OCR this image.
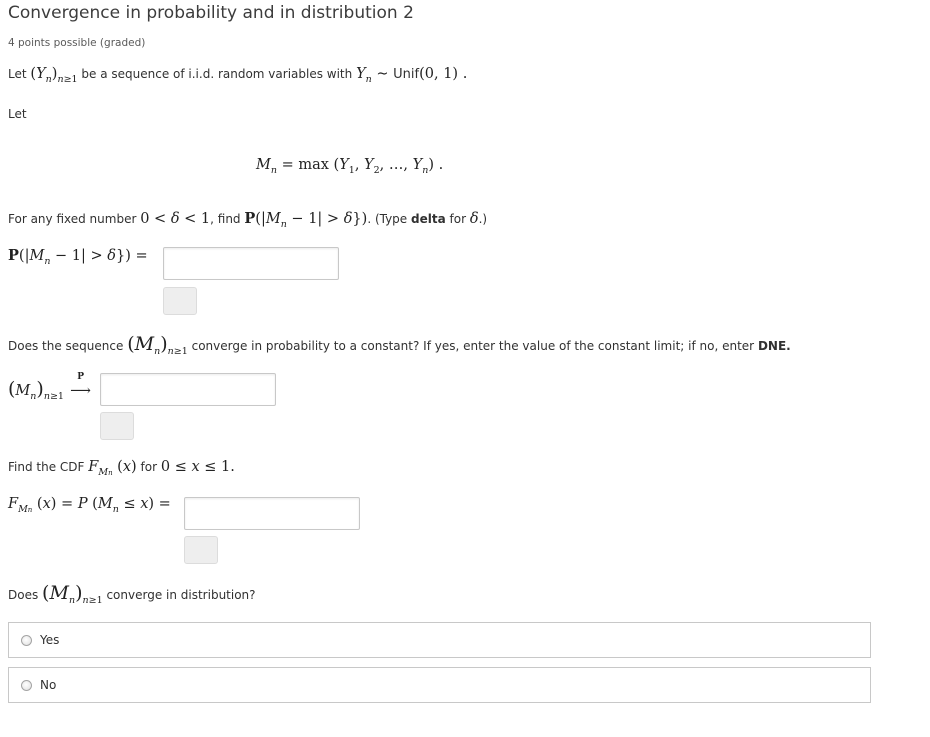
Convergence in probability and in distribution 2
4 points possible (graded)
Let $(Y_n)_{n\ge 1}$ be a sequence of i.i.d. random variables with $Y_n$ ∼ Unif(0, 1) .
Let
$M_n = \max (Y_1$, $Y_2$, …, $Y_n$) .
For any fixed number 0 < δ < 1, find $P(|M_n - 1| > \delta\}$). (Type delta for δ.)
$P(|M_n - 1| > \delta\}$) =
Does the sequence $(M_n)_{n\ge 1}$ converge in probability to a constant? If yes, enter the value of the constant limit; if no, enter DNE.
$(M_n)_{n\ge 1}$
P
⟶
Find the CDF $F_{Mn}$ (x) for 0 ≤ x ≤ 1.
$F_{Mn}$ (x) = P $(M_n \le x)$ =
Does $(M_n)_{n\ge 1}$ converge in distribution?
Yes
No
